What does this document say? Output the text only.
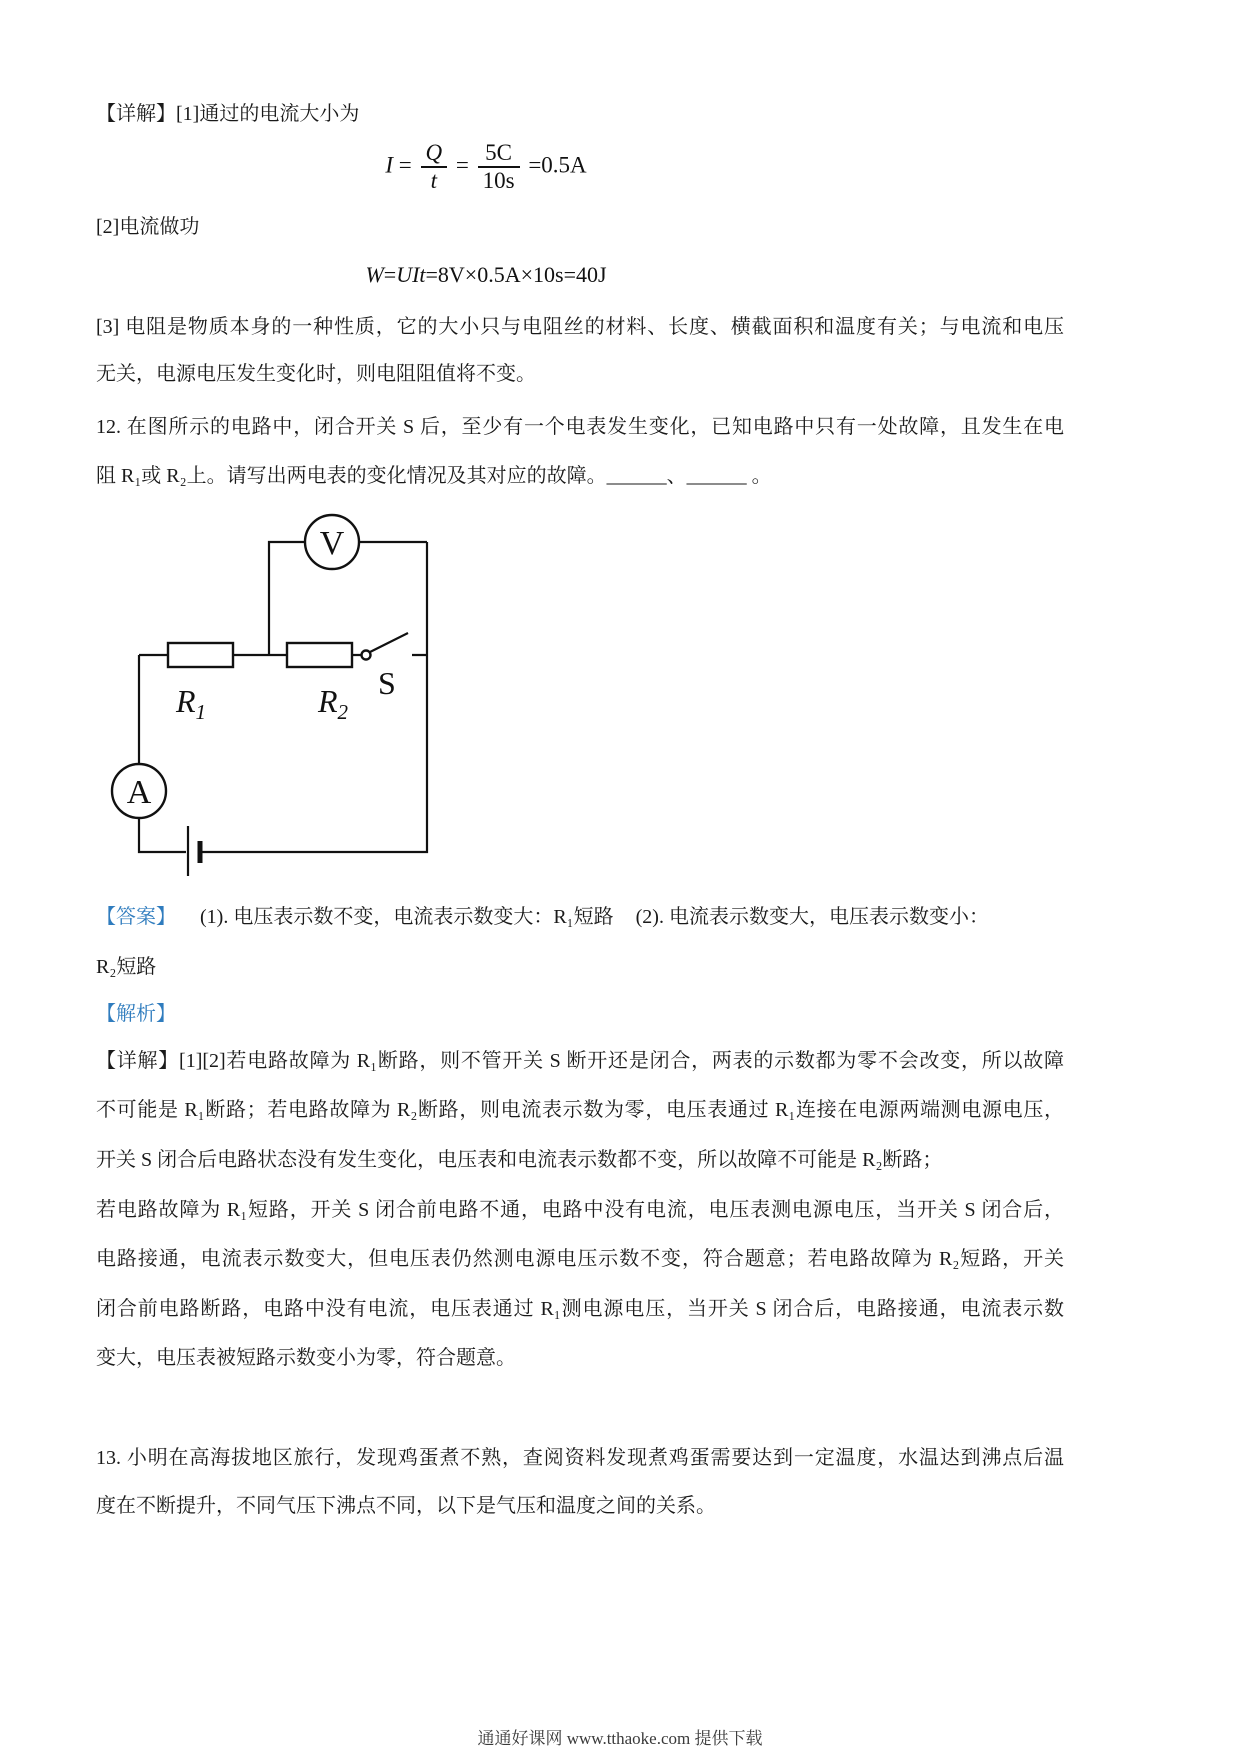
【详解】[1]通过的电流大小为
$I = \frac{Q}{t} = \frac{5C}{10s} =0.5A$
[2]电流做功
W=UIt=8V×0.5A×10s=40J
[3] 电阻是物质本身的一种性质，它的大小只与电阻丝的材料、长度、横截面积和温度有关；与电流和电压
无关，电源电压发生变化时，则电阻阻值将不变。
12. 在图所示的电路中，闭合开关 S 后，至少有一个电表发生变化，已知电路中只有一处故障，且发生在电
阻 R₁或 R₂上。请写出两电表的变化情况及其对应的故障。______、______ 。
V
A
$R_1$	$R_2$
S
【答案】 (1). 电压表示数不变，电流表示数变大：R₁短路 (2). 电流表示数变大，电压表示数变小：
R₂短路
【解析】
【详解】[1][2]若电路故障为 R₁断路，则不管开关 S 断开还是闭合，两表的示数都为零不会改变，所以故障
不可能是 R₁断路；若电路故障为 R₂断路，则电流表示数为零，电压表通过 R₁连接在电源两端测电源电压，
开关 S 闭合后电路状态没有发生变化，电压表和电流表示数都不变，所以故障不可能是 R₂断路；
若电路故障为 R₁短路，开关 S 闭合前电路不通，电路中没有电流，电压表测电源电压，当开关 S 闭合后，
电路接通，电流表示数变大，但电压表仍然测电源电压示数不变，符合题意；若电路故障为 R₂短路，开关
闭合前电路断路，电路中没有电流，电压表通过 R₁测电源电压，当开关 S 闭合后，电路接通，电流表示数
变大，电压表被短路示数变小为零，符合题意。
13. 小明在高海拔地区旅行，发现鸡蛋煮不熟，查阅资料发现煮鸡蛋需要达到一定温度，水温达到沸点后温
度在不断提升，不同气压下沸点不同，以下是气压和温度之间的关系。
通通好课网 www.tthaoke.com 提供下载
